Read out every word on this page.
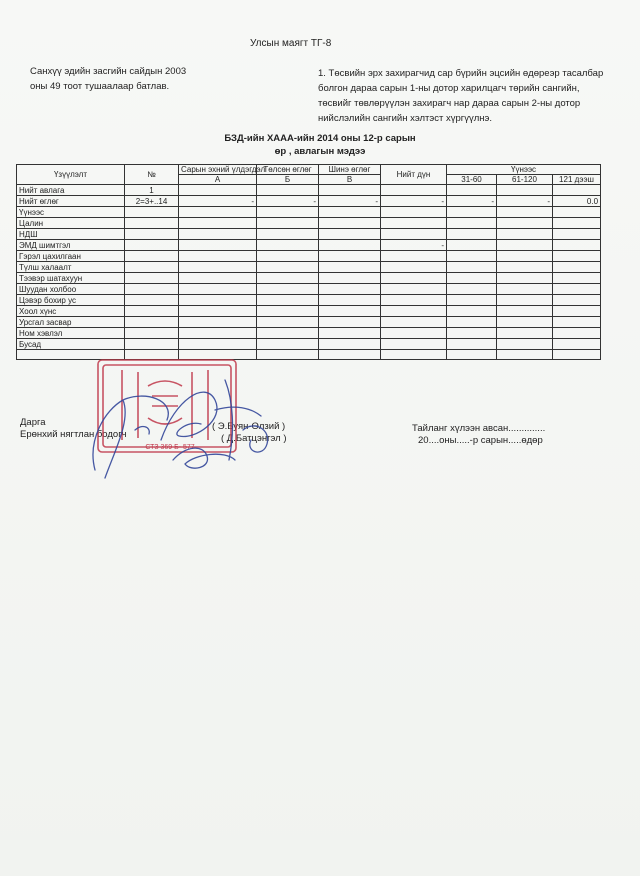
Улсын маягт ТГ-8
Санхүү эдийн засгийн сайдын 2003
оны 49 тоот тушаалаар батлав.
1. Төсвийн эрх захирагчид сар бүрийн эцсийн өдөреэр тасалбар
болгон дараа сарын 1-ны дотор харилцагч төрийн сангийн,
төсвийг төвлөрүүлэн захирагч нар дараа сарын 2-ны дотор
нийслэлийн сангийн хэлтэст хүргүүлнэ.
БЗД-ийн ХААА-ийн 2014 оны 12-р сарын
өр , авлагын мэдээ
Үзүүлэлт	№	Сарын эхний үлдэгдэл	Төлсөн өглөг	Шинэ өглөг	Нийт дүн	Үүнээс		
		А	Б	В		31-60	61-120	121 дээш
Нийт авлага	1							
Нийт өглөг	2=3+..14	-	-	-	-	-	-	0.0
Үүнээс								
Цалин								
НДШ								
ЭМД шимтгэл					-			
Гэрэл цахилгаан								
Түлш халаалт								
Тээвэр шатахуун								
Шуудан холбоо								
Цэвэр бохир ус								
Хоол хүнс								
Урсгал засвар								
Ном хэвлэл								
Бусад								

Дарга
Ерөнхий нягтлан бодогч
( Э.Буян-Өлзий )
( Д.Батцэнгэл )
Тайланг хүлээн авсан..............
20....оны.....-р сарын.....өдөр
СТЗ 369 Б- 577
